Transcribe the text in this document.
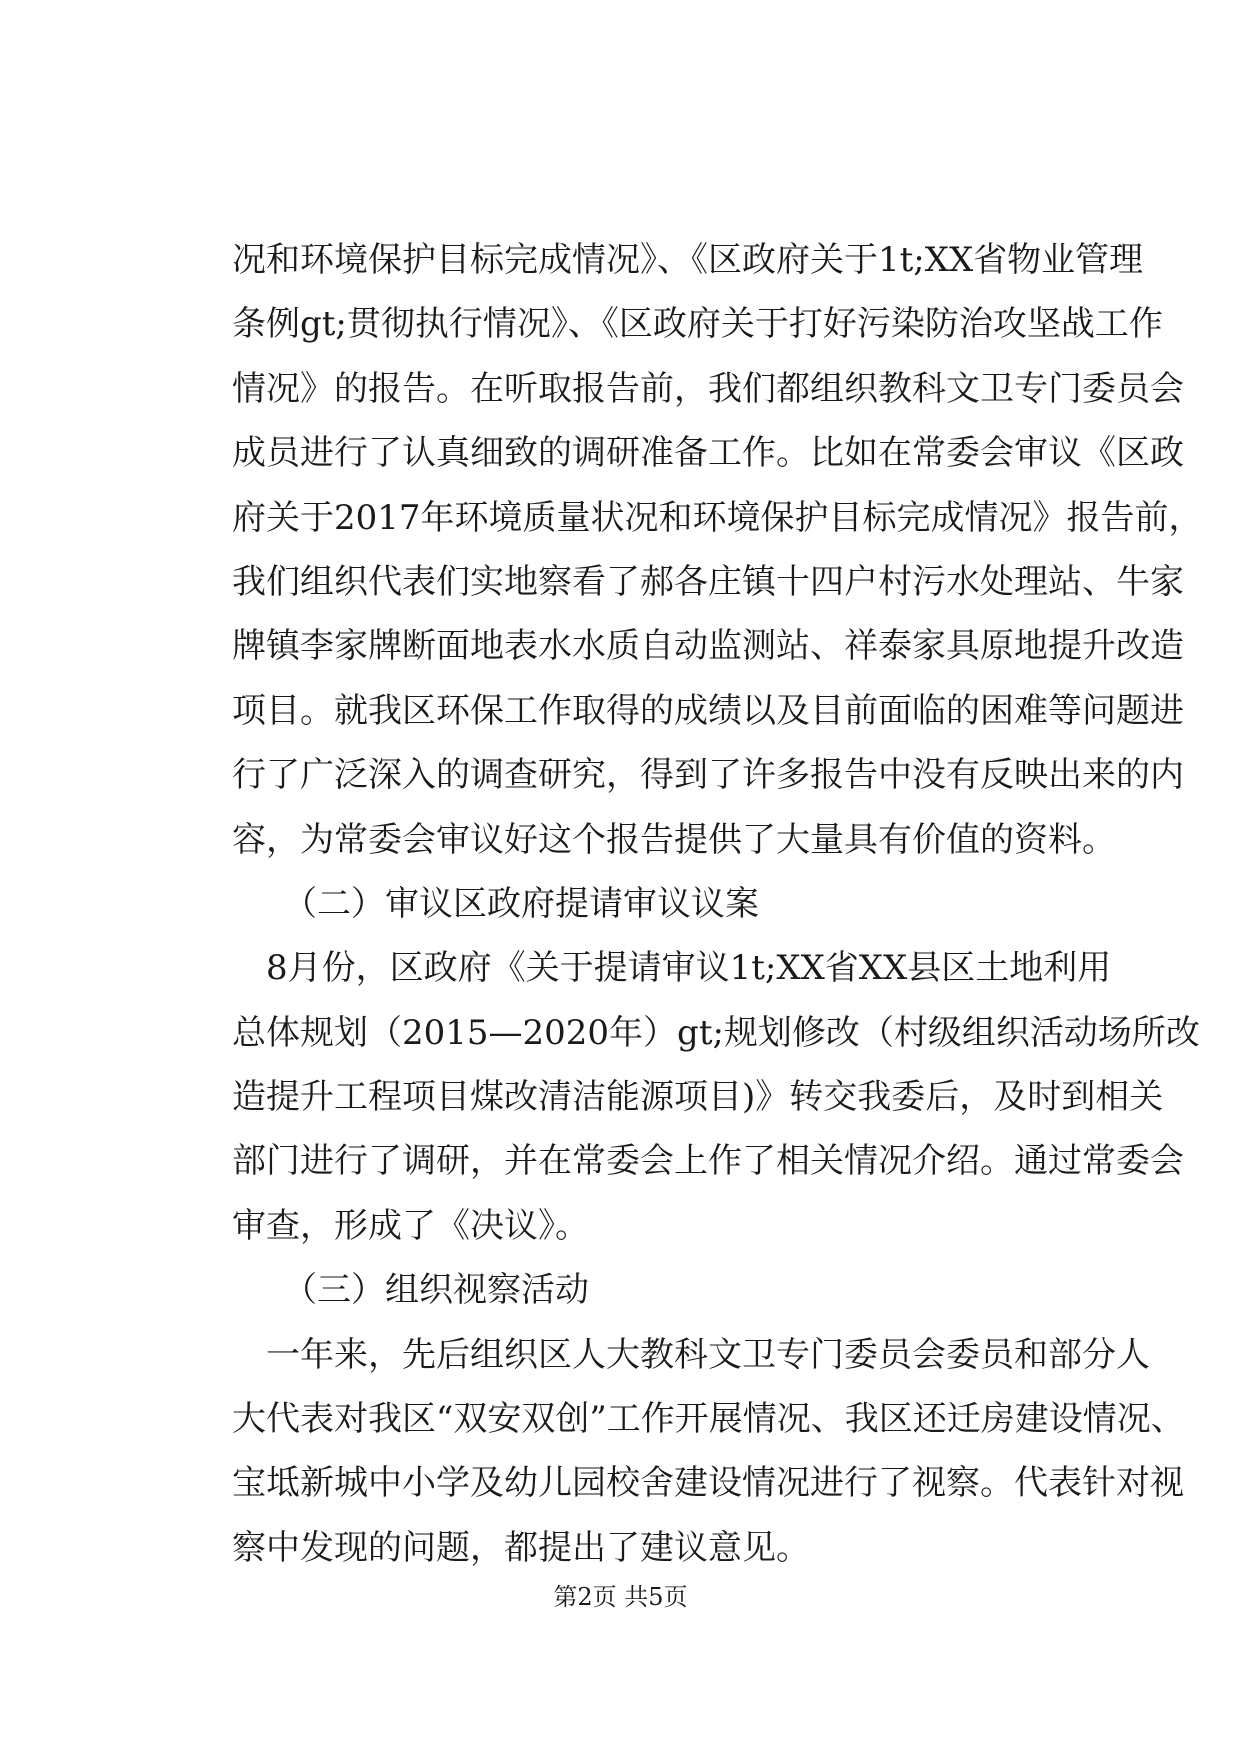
况和环境保护目标完成情况》、《区政府关于1t;XX省物业管理
条例gt;贯彻执行情况》、《区政府关于打好污染防治攻坚战工作
情况》的报告。在听取报告前，我们都组织教科文卫专门委员会
成员进行了认真细致的调研准备工作。比如在常委会审议《区政
府关于2017年环境质量状况和环境保护目标完成情况》报告前，
我们组织代表们实地察看了郝各庄镇十四户村污水处理站、牛家
牌镇李家牌断面地表水水质自动监测站、祥泰家具原地提升改造
项目。就我区环保工作取得的成绩以及目前面临的困难等问题进
行了广泛深入的调查研究，得到了许多报告中没有反映出来的内
容，为常委会审议好这个报告提供了大量具有价值的资料。
　　（二）审议区政府提请审议议案
　8月份，区政府《关于提请审议1t;XX省XX县区土地利用
总体规划（2015—2020年）gt;规划修改（村级组织活动场所改
造提升工程项目煤改清洁能源项目)》转交我委后，及时到相关
部门进行了调研，并在常委会上作了相关情况介绍。通过常委会
审查，形成了《决议》。
　　（三）组织视察活动
　一年来，先后组织区人大教科文卫专门委员会委员和部分人
大代表对我区“双安双创”工作开展情况、我区还迁房建设情况、
宝坻新城中小学及幼儿园校舍建设情况进行了视察。代表针对视
察中发现的问题，都提出了建议意见。
第2页 共5页
